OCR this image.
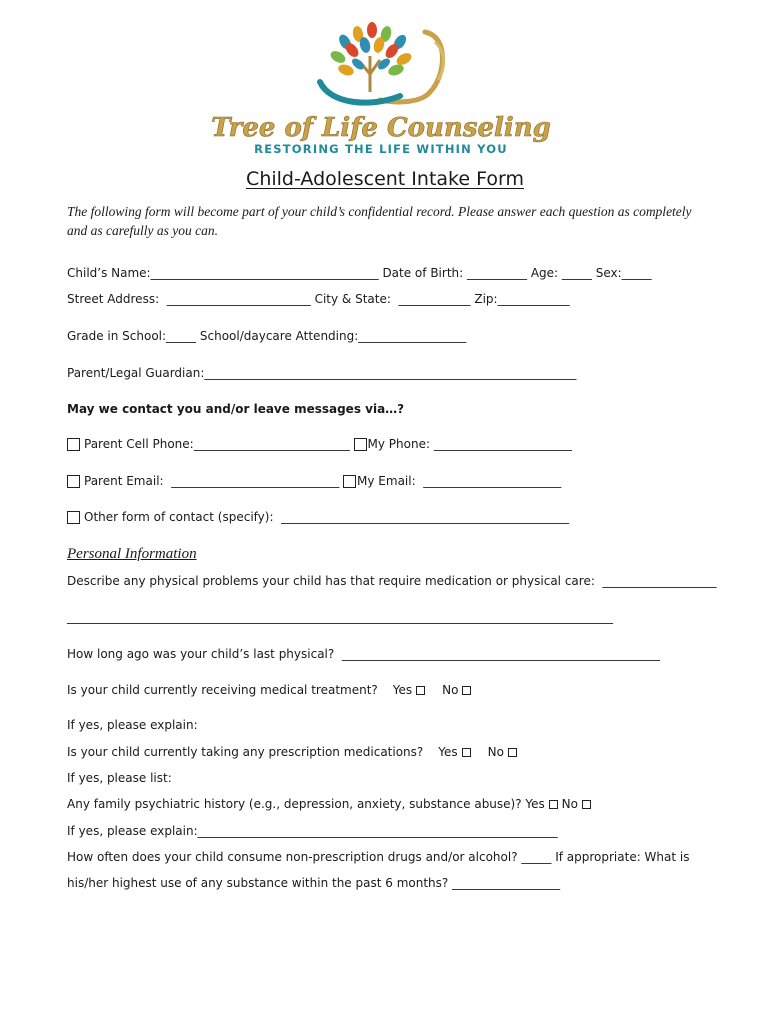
Tree of Life Counseling
RESTORING THE LIFE WITHIN YOU
Child-Adolescent Intake Form
The following form will become part of your child’s confidential record. Please answer each question as completely and as carefully as you can.
Child’s Name:______________________________________ Date of Birth: __________ Age: _____ Sex:_____
Street Address:  ________________________ City & State:  ____________ Zip:____________
Grade in School:_____ School/daycare Attending:__________________
Parent/Legal Guardian:______________________________________________________________
May we contact you and/or leave messages via…?
Parent Cell Phone:__________________________ My Phone: _______________________
Parent Email:  ____________________________ My Email:  _______________________
Other form of contact (specify):  ________________________________________________
Personal Information
Describe any physical problems your child has that require medication or physical care:  ___________________
___________________________________________________________________________________________
How long ago was your child’s last physical?  _____________________________________________________
Is your child currently receiving medical treatment? Yes	No
If yes, please explain:
Is your child currently taking any prescription medications? Yes	No
If yes, please list:
Any family psychiatric history (e.g., depression, anxiety, substance abuse)? Yes No
If yes, please explain:____________________________________________________________
How often does your child consume non-prescription drugs and/or alcohol? _____ If appropriate: What is
his/her highest use of any substance within the past 6 months? __________________
